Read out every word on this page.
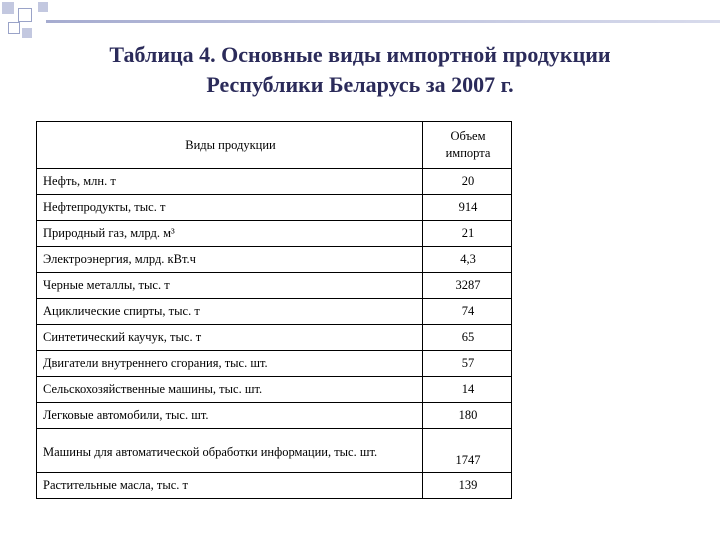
Таблица 4. Основные виды импортной продукции
Республики Беларусь за 2007 г.
Виды продукции	Объем импорта
Нефть, млн. т	20
Нефтепродукты, тыс. т	914
Природный газ, млрд. м³	21
Электроэнергия, млрд. кВт.ч	4,3
Черные металлы, тыс. т	3287
Ациклические спирты, тыс. т	74
Синтетический каучук, тыс. т	65
Двигатели внутреннего сгорания, тыс. шт.	57
Сельскохозяйственные машины, тыс. шт.	14
Легковые автомобили, тыс. шт.	180
Машины для автоматической обработки информации, тыс. шт.	1747
Растительные масла, тыс. т	139
